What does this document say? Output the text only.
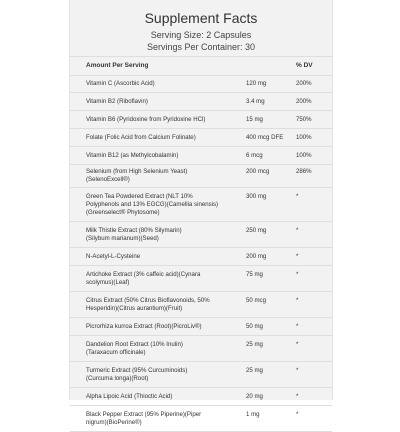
Supplement Facts
Serving Size: 2 Capsules
Servings Per Container: 30
Amount Per Serving	% DV
Vitamin C (Ascorbic Acid)	120 mg	200%
Vitamin B2 (Riboflavin)	3.4 mg	200%
Vitamin B6 (Pyridoxine from Pyridoxine HCl)	15 mg	750%
Folate (Folic Acid from Calcium Folinate)	400 mcg DFE 100%
Vitamin B12 (as Methylcobalamin)	6 mcg	100%
Selenium (from High Selenium Yeast)
(SelenoExcell®)
200 mcg	286%
Green Tea Powdered Extract (NLT 10%
Polyphenols and 13% EGCG)(Camellia sinensis)
(Greenselect® Phytosome)
300 mg	*
Milk Thistle Extract (80% Silymarin)
(Silybum marianum)(Seed)
250 mg	*
N-Acetyl-L-Cysteine	200 mg	*
Artichoke Extract (3% caffeic acid)(Cynara
scolymus)(Leaf)
75 mg	*
Citrus Extract (50% Citrus Bioflavonoids, 50%
Hesperidin)(Citrus aurantium)(Fruit)
50 mcg	*
Picrorhiza kurroa Extract (Root)(PicroLiv®)	50 mg	*
Dandelion Root Extract (10% Inulin)
(Taraxacum officinale)
25 mg	*
Turmeric Extract (95% Curcuminoids)
(Curcuma longa)(Root)
25 mg	*
Alpha Lipoic Acid (Thioctic Acid)	20 mg	*
Black Pepper Extract (95% Piperine)(Piper
nigrum)(BioPerine®)
1 mg	*
